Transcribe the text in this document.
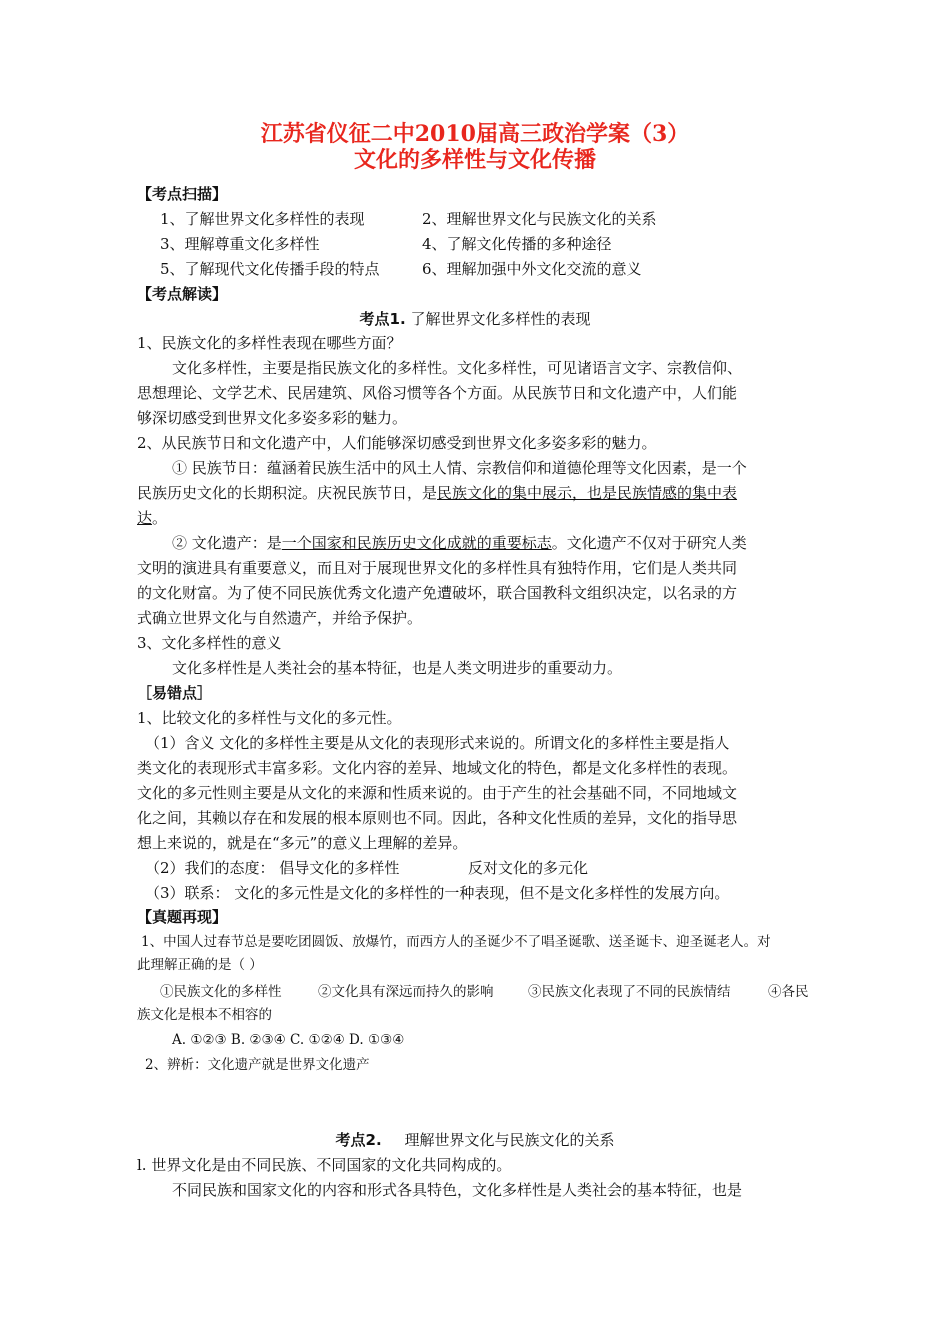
江苏省仪征二中2010届高三政治学案（3）
文化的多样性与文化传播
【考点扫描】
1、了解世界文化多样性的表现	2、理解世界文化与民族文化的关系
3、理解尊重文化多样性	4、了解文化传播的多种途径
5、了解现代文化传播手段的特点	6、理解加强中外文化交流的意义
【考点解读】
考点1. 了解世界文化多样性的表现
1、民族文化的多样性表现在哪些方面？
文化多样性，主要是指民族文化的多样性。文化多样性，可见诸语言文字、宗教信仰、
思想理论、文学艺术、民居建筑、风俗习惯等各个方面。从民族节日和文化遗产中，人们能
够深切感受到世界文化多姿多彩的魅力。
2、从民族节日和文化遗产中，人们能够深切感受到世界文化多姿多彩的魅力。
① 民族节日：蕴涵着民族生活中的风土人情、宗教信仰和道德伦理等文化因素，是一个
民族历史文化的长期积淀。庆祝民族节日，是民族文化的集中展示，也是民族情感的集中表
达。
② 文化遗产：是一个国家和民族历史文化成就的重要标志。文化遗产不仅对于研究人类
文明的演进具有重要意义，而且对于展现世界文化的多样性具有独特作用，它们是人类共同
的文化财富。为了使不同民族优秀文化遗产免遭破坏，联合国教科文组织决定，以名录的方
式确立世界文化与自然遗产，并给予保护。
3、文化多样性的意义
文化多样性是人类社会的基本特征，也是人类文明进步的重要动力。
［易错点］
1、比较文化的多样性与文化的多元性。
（1）含义 文化的多样性主要是从文化的表现形式来说的。所谓文化的多样性主要是指人
类文化的表现形式丰富多彩。文化内容的差异、地域文化的特色，都是文化多样性的表现。
文化的多元性则主要是从文化的来源和性质来说的。由于产生的社会基础不同，不同地域文
化之间，其赖以存在和发展的根本原则也不同。因此，各种文化性质的差异，文化的指导思
想上来说的，就是在“多元”的意义上理解的差异。
（2）我们的态度： 倡导文化的多样性	反对文化的多元化
（3）联系： 文化的多元性是文化的多样性的一种表现，但不是文化多样性的发展方向。
【真题再现】
1、中国人过春节总是要吃团圆饭、放爆竹，而西方人的圣诞少不了唱圣诞歌、送圣诞卡、迎圣诞老人。对
此理解正确的是（ ）
①民族文化的多样性	②文化具有深远而持久的影响	③民族文化表现了不同的民族情结	④各民
族文化是根本不相容的
A. ①②③ B. ②③④ C. ①②④ D. ①③④
2、辨析：文化遗产就是世界文化遗产
考点2. 理解世界文化与民族文化的关系
l. 世界文化是由不同民族、不同国家的文化共同构成的。
不同民族和国家文化的内容和形式各具特色，文化多样性是人类社会的基本特征，也是
